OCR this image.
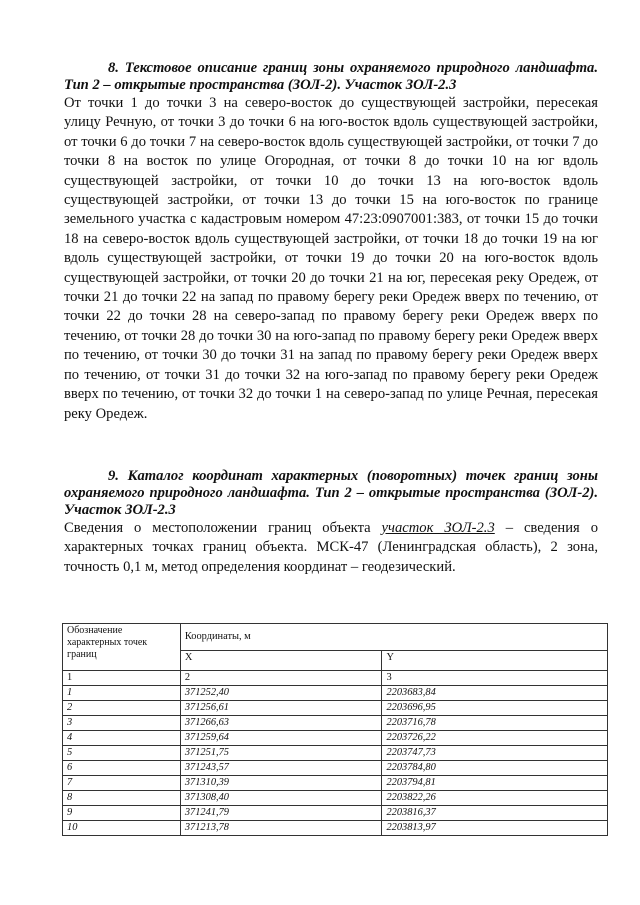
8. Текстовое описание границ зоны охраняемого природного ландшафта. Тип 2 – открытые пространства (ЗОЛ-2). Участок ЗОЛ-2.3

От точки 1 до точки 3 на северо-восток до существующей застройки, пересекая улицу Речную, от точки 3 до точки 6 на юго-восток вдоль существующей застройки, от точки 6 до точки 7 на северо-восток вдоль существующей застройки, от точки 7 до точки 8 на восток по улице Огородная, от точки 8 до точки 10 на юг вдоль существующей застройки, от точки 10 до точки 13 на юго-восток вдоль существующей застройки, от точки 13 до точки 15 на юго-восток по границе земельного участка с кадастровым номером 47:23:0907001:383, от точки 15 до точки 18 на северо-восток вдоль существующей застройки, от точки 18 до точки 19 на юг вдоль существующей застройки, от точки 19 до точки 20 на юго-восток вдоль существующей застройки, от точки 20 до точки 21 на юг, пересекая реку Оредеж, от точки 21 до точки 22 на запад по правому берегу реки Оредеж вверх по течению, от точки 22 до точки 28 на северо-запад по правому берегу реки Оредеж вверх по течению, от точки 28 до точки 30 на юго-запад по правому берегу реки Оредеж вверх по течению, от точки 30 до точки 31 на запад по правому берегу реки Оредеж вверх по течению, от точки 31 до точки 32 на юго-запад по правому берегу реки Оредеж вверх по течению, от точки 32 до точки 1 на северо-запад по улице Речная, пересекая реку Оредеж.

9. Каталог координат характерных (поворотных) точек границ зоны охраняемого природного ландшафта. Тип 2 – открытые пространства (ЗОЛ-2). Участок ЗОЛ-2.3

Сведения о местоположении границ объекта участок ЗОЛ-2.3 – сведения о характерных точках границ объекта. МСК-47 (Ленинградская область), 2 зона, точность 0,1 м, метод определения координат – геодезический.

Обозначение характерных точек границ	Координаты, м	
	X	Y
1	2	3
1	371252,40	2203683,84
2	371256,61	2203696,95
3	371266,63	2203716,78
4	371259,64	2203726,22
5	371251,75	2203747,73
6	371243,57	2203784,80
7	371310,39	2203794,81
8	371308,40	2203822,26
9	371241,79	2203816,37
10	371213,78	2203813,97
